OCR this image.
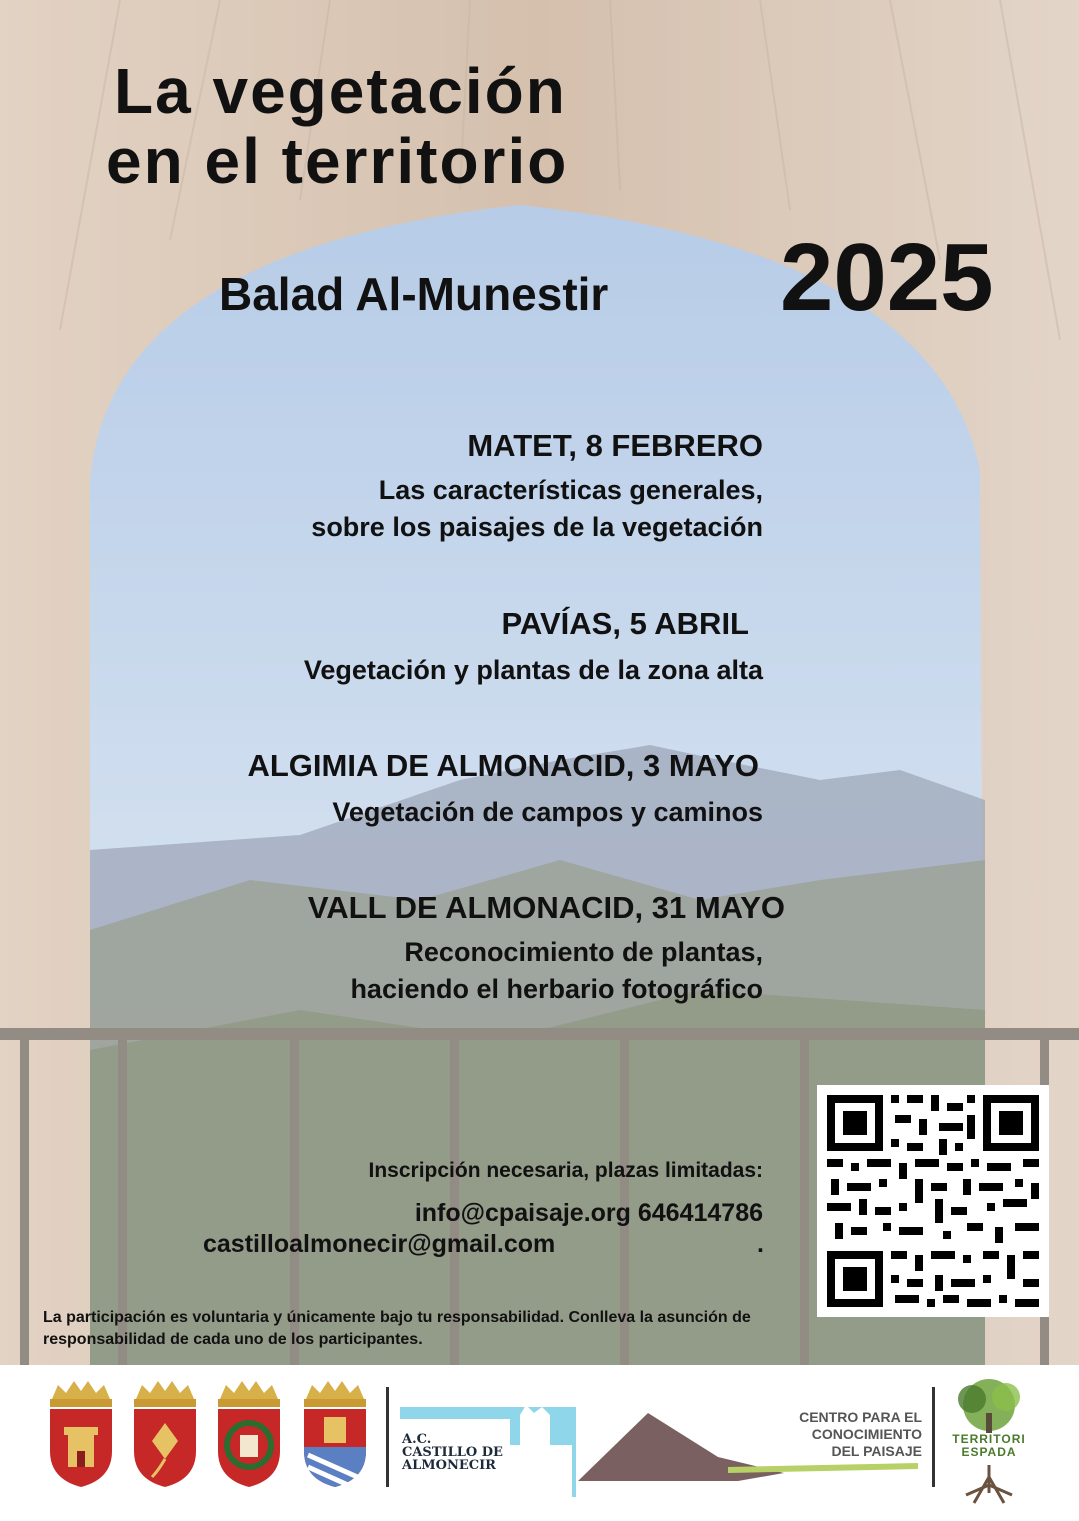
La vegetación
en el territorio
Balad Al-Munestir 2025
MATET, 8 FEBRERO
Las características generales,
sobre los paisajes de la vegetación
PAVÍAS, 5 ABRIL
Vegetación y plantas de la zona alta
ALGIMIA DE ALMONACID, 3 MAYO
Vegetación de campos y caminos
VALL DE ALMONACID, 31 MAYO
Reconocimiento de plantas,
haciendo el herbario fotográfico
Inscripción necesaria, plazas limitadas:
info@cpaisaje.org 646414786
castilloalmonecir@gmail.com	.
La participación es voluntaria y únicamente bajo tu responsabilidad. Conlleva la asunción de responsabilidad de cada uno de los participantes.
A.C.
CASTILLO DE
ALMONECIR
CENTRO PARA EL
CONOCIMIENTO
DEL PAISAJE
TERRITORI
ESPADA
